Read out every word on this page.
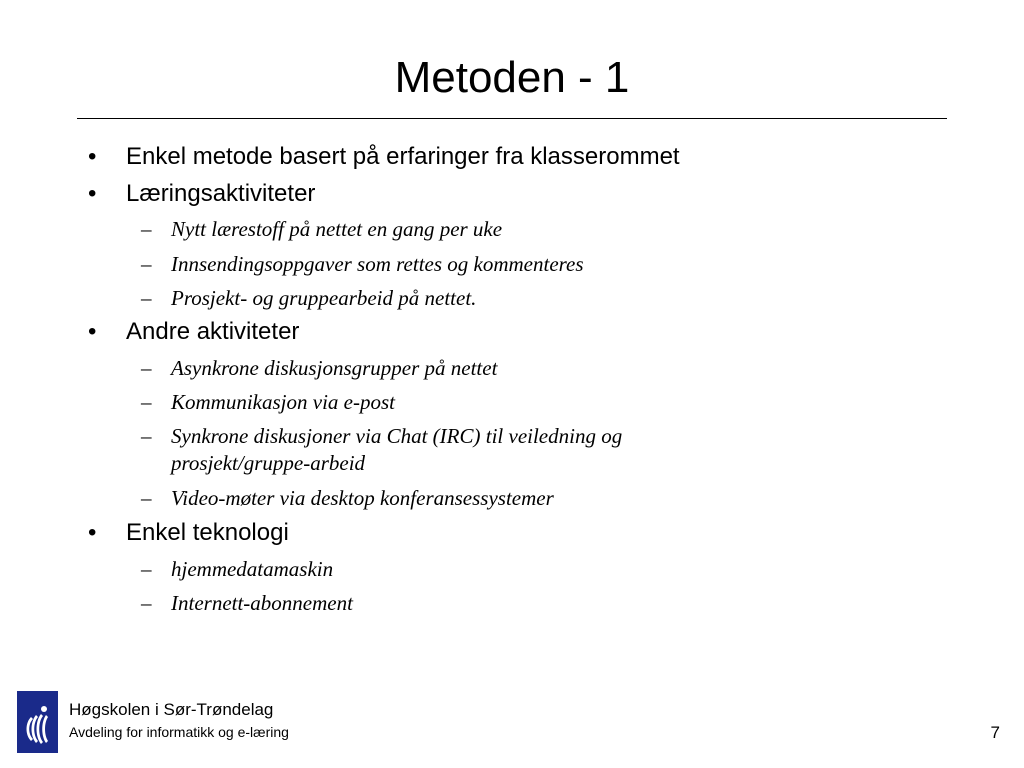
Metoden - 1
• Enkel metode basert på erfaringer fra klasserommet
• Læringsaktiviteter
– Nytt lærestoff på nettet en gang per uke
– Innsendingsoppgaver som rettes og kommenteres
– Prosjekt- og gruppearbeid på nettet.
• Andre aktiviteter
– Asynkrone diskusjonsgrupper på nettet
– Kommunikasjon via e-post
– Synkrone diskusjoner via Chat (IRC) til veiledning og prosjekt/gruppe-arbeid
– Video-møter via desktop konferansessystemer
• Enkel teknologi
– hjemmedatamaskin
– Internett-abonnement
Høgskolen i Sør-Trøndelag
Avdeling for informatikk og e-læring	7
